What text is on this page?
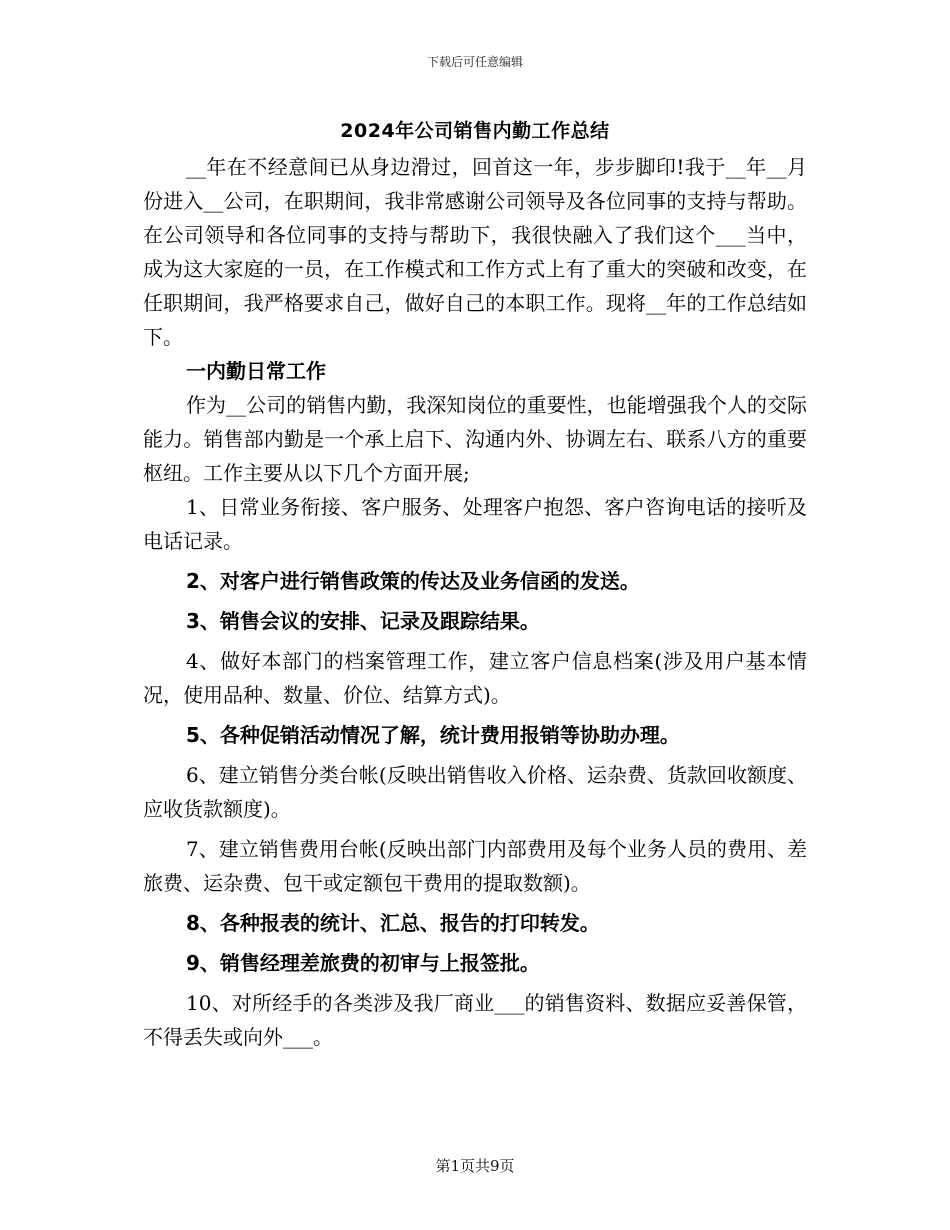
下载后可任意编辑
2024年公司销售内勤工作总结

__年在不经意间已从身边滑过，回首这一年，步步脚印!我于__年__月份进入__公司，在职期间，我非常感谢公司领导及各位同事的支持与帮助。在公司领导和各位同事的支持与帮助下，我很快融入了我们这个___当中，成为这大家庭的一员，在工作模式和工作方式上有了重大的突破和改变，在任职期间，我严格要求自己，做好自己的本职工作。现将__年的工作总结如下。

一内勤日常工作

作为__公司的销售内勤，我深知岗位的重要性，也能增强我个人的交际能力。销售部内勤是一个承上启下、沟通内外、协调左右、联系八方的重要枢纽。工作主要从以下几个方面开展;

1、日常业务衔接、客户服务、处理客户抱怨、客户咨询电话的接听及电话记录。

2、对客户进行销售政策的传达及业务信函的发送。

3、销售会议的安排、记录及跟踪结果。

4、做好本部门的档案管理工作，建立客户信息档案(涉及用户基本情况，使用品种、数量、价位、结算方式)。

5、各种促销活动情况了解，统计费用报销等协助办理。

6、建立销售分类台帐(反映出销售收入价格、运杂费、货款回收额度、应收货款额度)。

7、建立销售费用台帐(反映出部门内部费用及每个业务人员的费用、差旅费、运杂费、包干或定额包干费用的提取数额)。

8、各种报表的统计、汇总、报告的打印转发。

9、销售经理差旅费的初审与上报签批。

10、对所经手的各类涉及我厂商业___的销售资料、数据应妥善保管，不得丢失或向外___。

第1页共9页
